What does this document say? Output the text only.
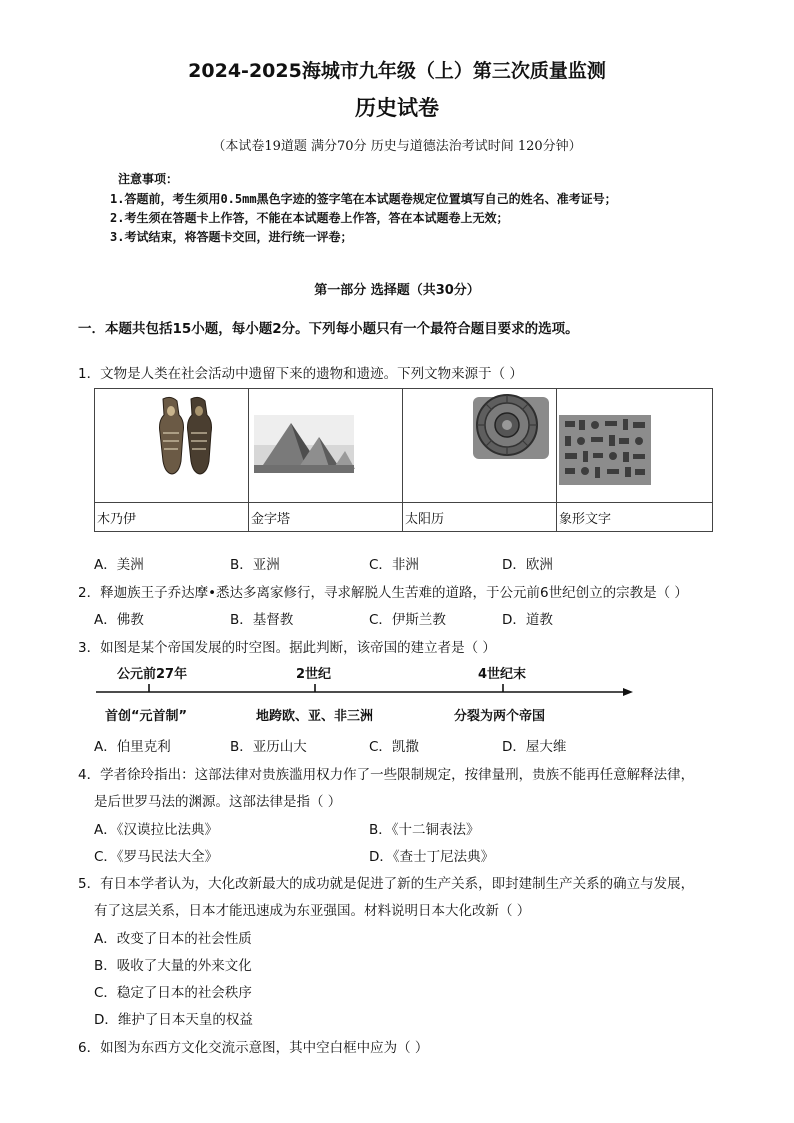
2024-2025海城市九年级（上）第三次质量监测
历史试卷
（本试卷19道题 满分70分 历史与道德法治考试时间 120分钟）
注意事项：
1.答题前，考生须用0.5mm黑色字迹的签字笔在本试题卷规定位置填写自己的姓名、准考证号；
2.考生须在答题卡上作答，不能在本试题卷上作答，答在本试题卷上无效；
3.考试结束，将答题卡交回，进行统一评卷；
第一部分 选择题（共30分）
一．本题共包括15小题，每小题2分。下列每小题只有一个最符合题目要求的选项。
1．文物是人类在社会活动中遗留下来的遗物和遗迹。下列文物来源于（ ）

木乃伊	金字塔	太阳历	象形文字
A．美洲	B．亚洲	C．非洲	D．欧洲
2．释迦族王子乔达摩•悉达多离家修行，寻求解脱人生苦难的道路，于公元前6世纪创立的宗教是（ ）
A．佛教	B．基督教	C．伊斯兰教	D．道教
3．如图是某个帝国发展的时空图。据此判断，该帝国的建立者是（ ）
公元前27年	2世纪	4世纪末
首创“元首制”	地跨欧、亚、非三洲	分裂为两个帝国
A．伯里克利	B．亚历山大	C．凯撒	D．屋大维
4．学者徐玲指出：这部法律对贵族滥用权力作了一些限制规定，按律量刑，贵族不能再任意解释法律，
是后世罗马法的渊源。这部法律是指（ ）
A．《汉谟拉比法典》	B．《十二铜表法》
C．《罗马民法大全》	D．《查士丁尼法典》
5．有日本学者认为，大化改新最大的成功就是促进了新的生产关系，即封建制生产关系的确立与发展，
有了这层关系，日本才能迅速成为东亚强国。材料说明日本大化改新（ ）
A．改变了日本的社会性质
B．吸收了大量的外来文化
C．稳定了日本的社会秩序
D．维护了日本天皇的权益
6．如图为东西方文化交流示意图，其中空白框中应为（ ）
